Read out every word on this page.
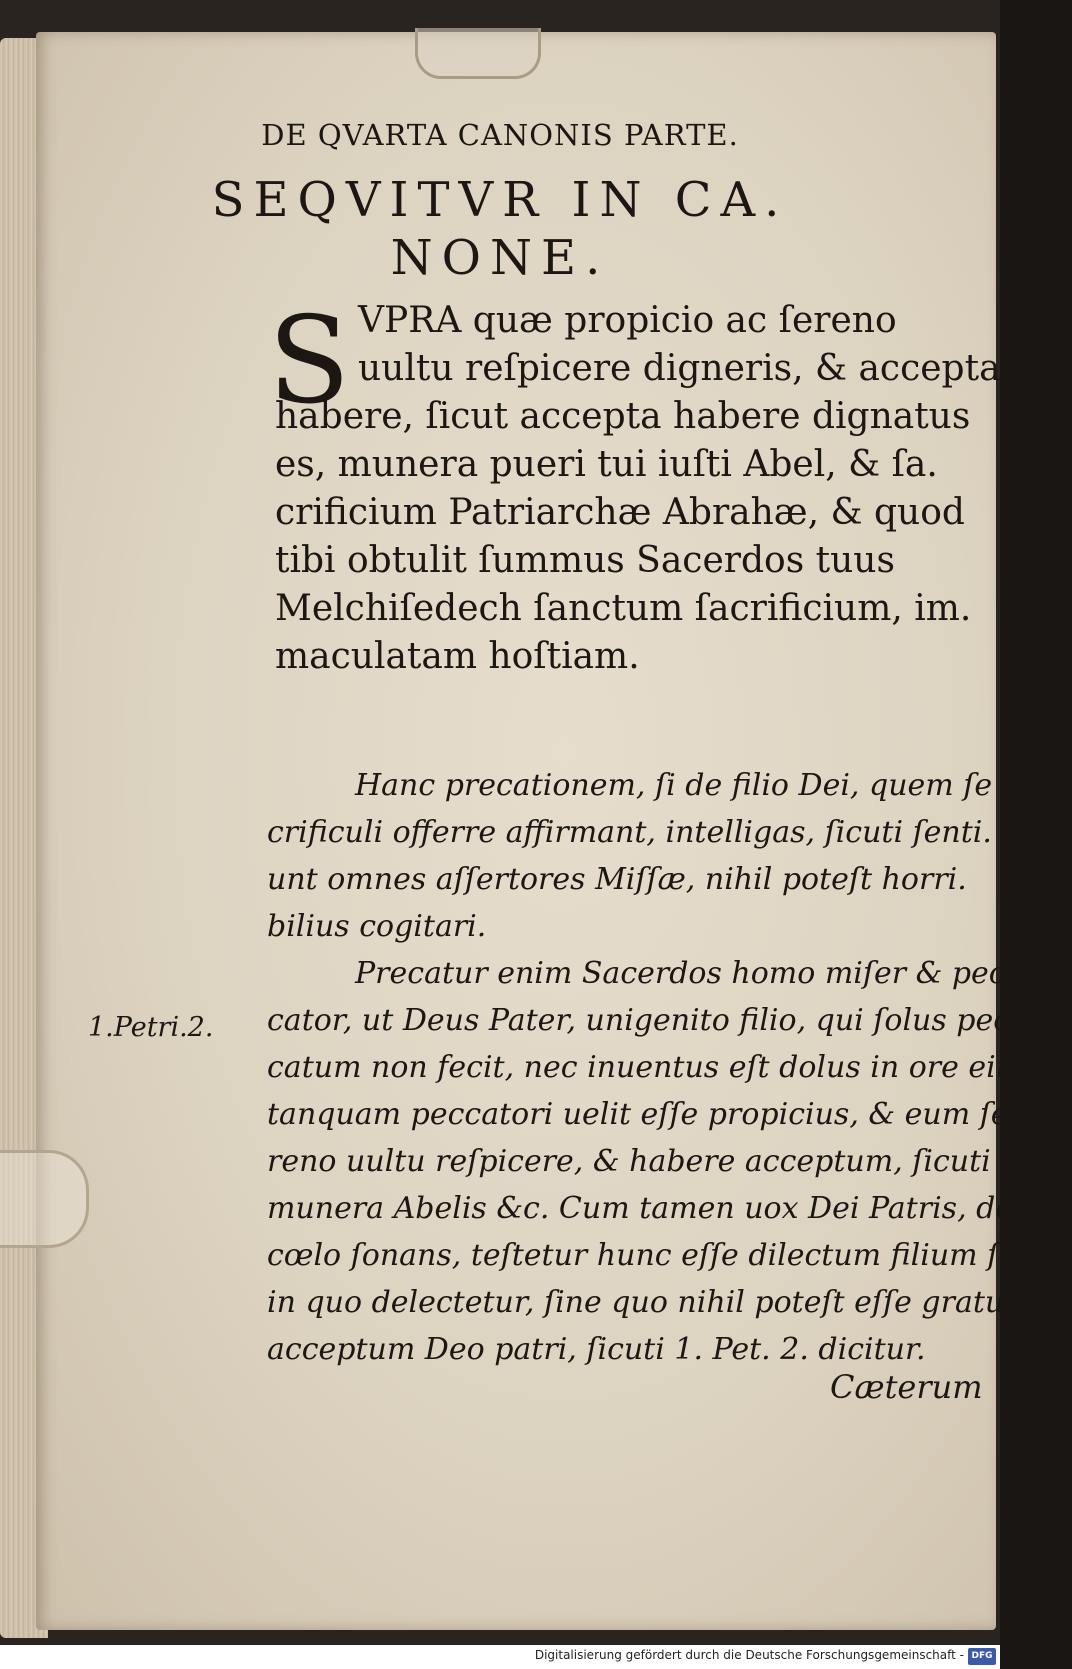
DE QVARTA CANONIS PARTE.
SEQVITVR IN CA.
NONE.
S VPRA quæ propicio ac ſereno
uultu reſpicere digneris, & accepta
habere, ſicut accepta habere dignatus
es, munera pueri tui iuſti Abel, & ſa.
crificium Patriarchæ Abrahæ, & quod
tibi obtulit ſummus Sacerdos tuus
Melchiſedech ſanctum ſacrificium, im.
maculatam hoſtiam.
Hanc precationem, ſi de filio Dei, quem ſe ſa.
crificuli offerre affirmant, intelligas, ſicuti ſenti.
unt omnes aſſertores Miſſæ, nihil poteſt horri.
bilius cogitari.
Precatur enim Sacerdos homo miſer & pec.
cator, ut Deus Pater, unigenito filio, qui ſolus pec.
catum non fecit, nec inuentus eſt dolus in ore eius,
tanquam peccatori uelit eſſe propicius, & eum ſe.
reno uultu reſpicere, & habere acceptum, ſicuti
munera Abelis &c. Cum tamen uox Dei Patris, de
cœlo ſonans, teſtetur hunc eſſe dilectum filium ſuum
in quo delectetur, ſine quo nihil poteſt eſſe gratum et
acceptum Deo patri, ſicuti 1. Pet. 2. dicitur.
1.Petri.2.
Cæterum
Digitalisierung gefördert durch die Deutsche Forschungsgemeinschaft - DFG
